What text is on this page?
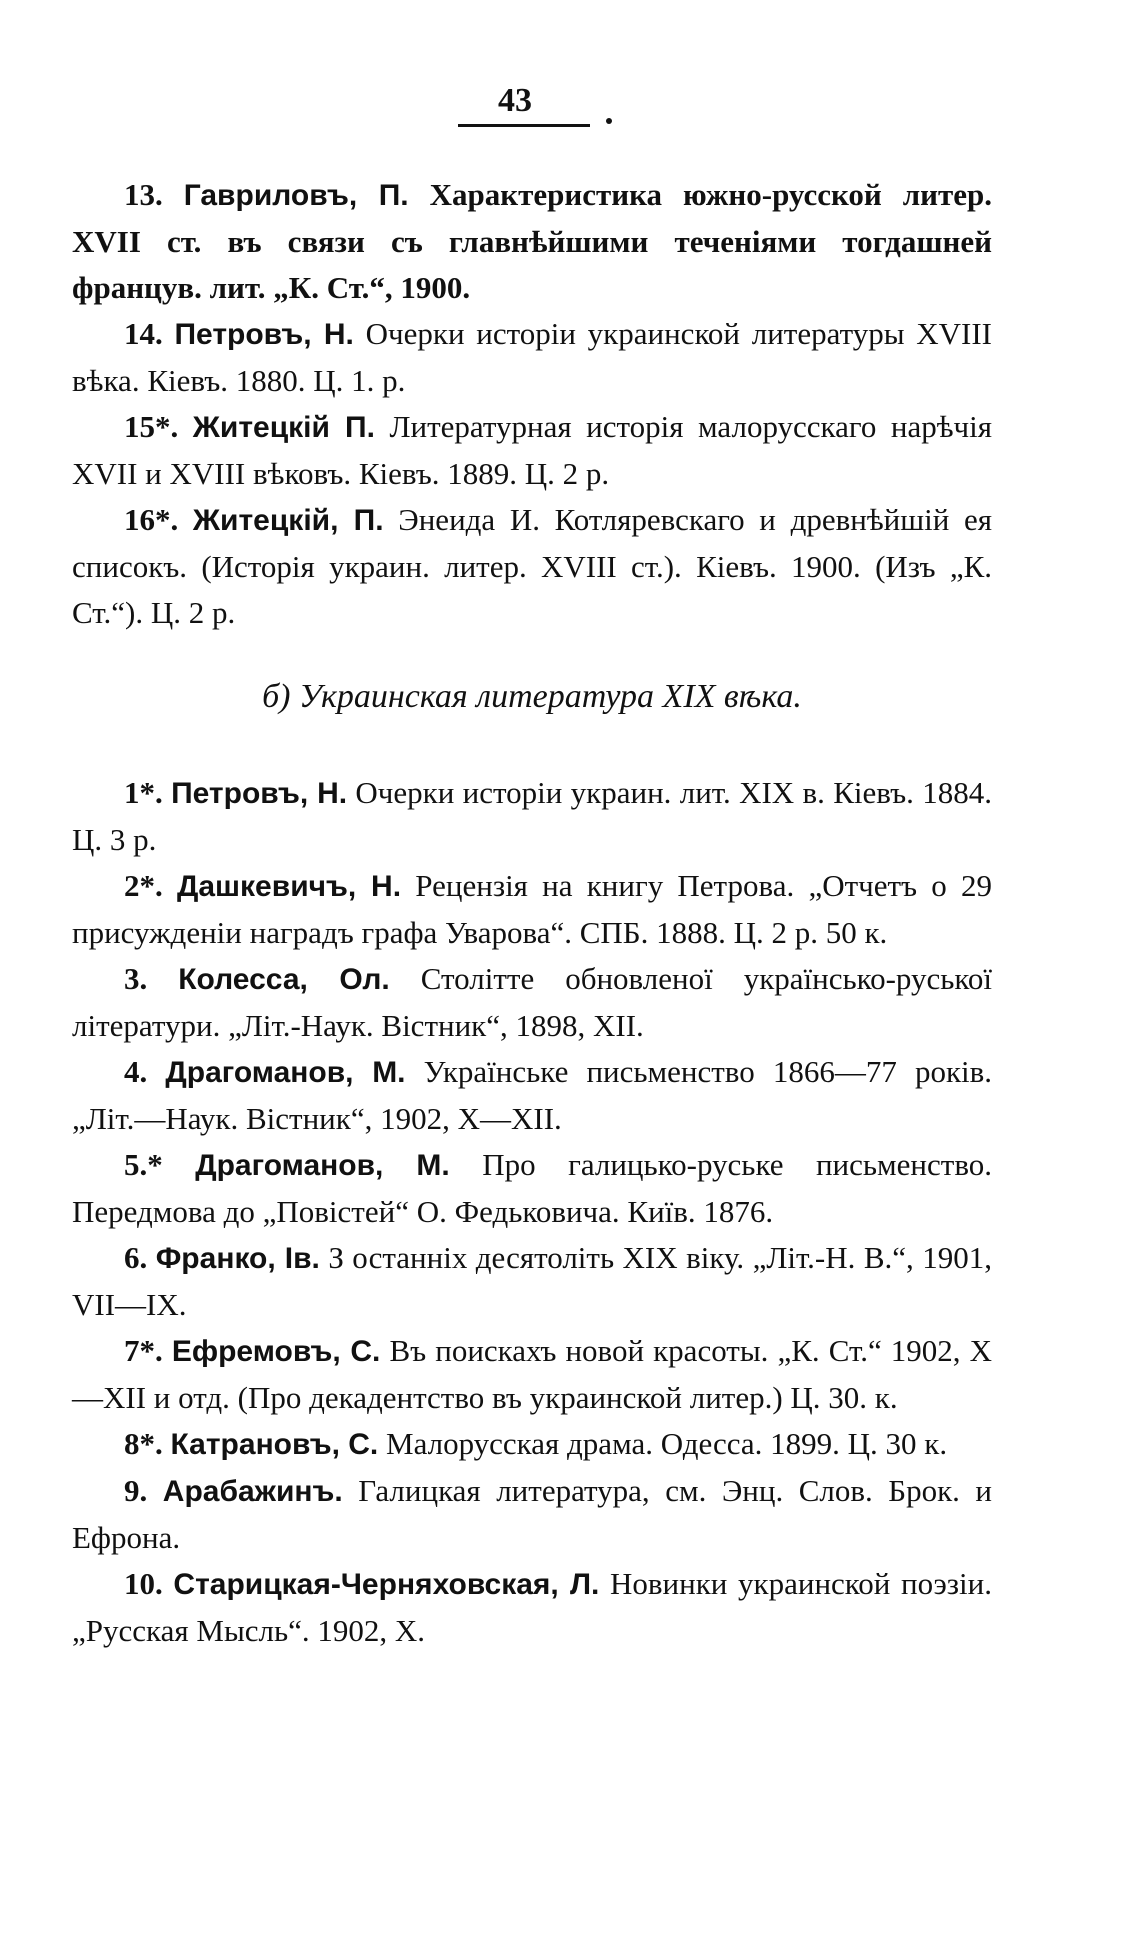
43

13. Гавриловъ, П. Характеристика южно-русской литер. XVII ст. въ связи съ главнѣйшими теченіями тогдашней францув. лит. „К. Ст.“, 1900.

14. Петровъ, Н. Очерки исторіи украинской литературы XVIII вѣка. Кіевъ. 1880. Ц. 1. р.

15*. Житецкій П. Литературная исторія малорусскаго нарѣчія XVII и XVIII вѣковъ. Кіевъ. 1889. Ц. 2 р.

16*. Житецкій, П. Энеида И. Котляревскаго и древнѣйшій ея списокъ. (Исторія украин. литер. XVIII ст.). Кіевъ. 1900. (Изъ „К. Ст.“). Ц. 2 р.

б) Украинская литература XIX вѣка.

1*. Петровъ, Н. Очерки исторіи украин. лит. XIX в. Кіевъ. 1884. Ц. 3 р.

2*. Дашкевичъ, Н. Рецензія на книгу Петрова. „Отчетъ о 29 присужденіи наградъ графа Уварова“. СПБ. 1888. Ц. 2 р. 50 к.

3. Колесса, Ол. Столітте обновленої українсько-руської літератури. „Літ.-Наук. Вістник“, 1898, XII.

4. Драгоманов, М. Українське письменство 1866—77 років. „Літ.—Наук. Вістник“, 1902, X—XII.

5.* Драгоманов, М. Про галицько-руське письменство. Передмова до „Повістей“ О. Федьковича. Київ. 1876.

6. Франко, Ів. З останніх десятоліть XIX віку. „Літ.-Н. В.“, 1901, VII—IX.

7*. Ефремовъ, С. Въ поискахъ новой красоты. „К. Ст.“ 1902, X—XII и отд. (Про декадентство въ украинской литер.) Ц. 30. к.

8*. Катрановъ, С. Малорусская драма. Одесса. 1899. Ц. 30 к.

9. Арабажинъ. Галицкая литература, см. Энц. Слов. Брок. и Ефрона.

10. Старицкая-Черняховская, Л. Новинки украинской поэзіи. „Русская Мысль“. 1902, X.
